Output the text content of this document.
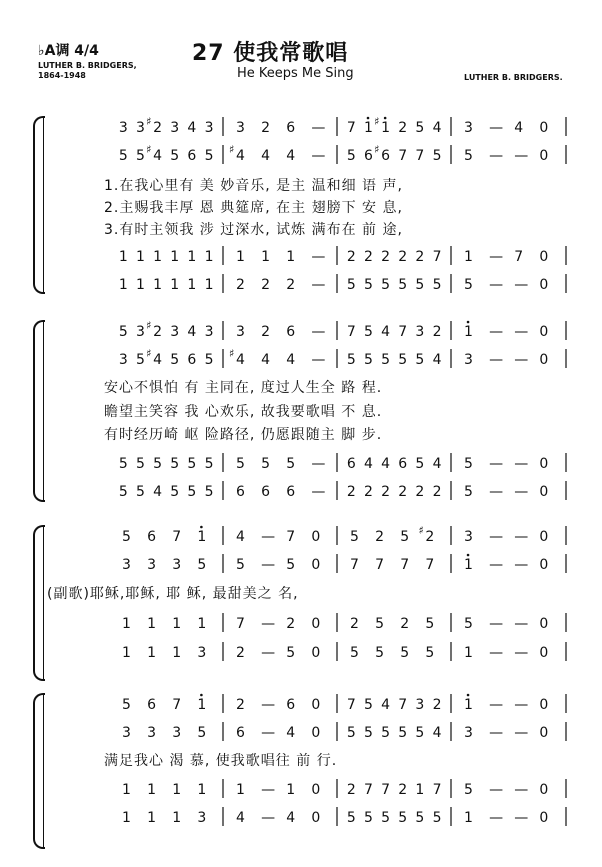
♭A调 4/4
LUTHER B. BRIDGERS,
1864-1948
27 使我常歌唱
He Keeps Me Sing	LUTHER B. BRIDGERS.
3 3 ♯ 2 3 4 3 3 2 6 — 7 1 ♯ 1 2 5 4 3 — 4 0
5 5 ♯ 4 5 6 5 ♯ 4 4 4 — 5 6 ♯ 6 7 7 5 5 — — 0
1.在我心里有 美 妙音乐, 是主 温和细 语 声,
2.主赐我丰厚 恩 典筵席, 在主 翅膀下 安 息,
3.有时主领我 涉 过深水, 试炼 满布在 前 途,
1 1 1 1 1 1 1 1 1 — 2 2 2 2 2 7 1 — 7 0
1 1 1 1 1 1 2 2 2 — 5 5 5 5 5 5 5 — — 0
5 3 ♯ 2 3 4 3 3 2 6 — 7 5 4 7 3 2 1 — — 0
3 5 ♯ 4 5 6 5 ♯ 4 4 4 — 5 5 5 5 5 4 3 — — 0
安心不惧怕 有 主同在, 度过人生全 路 程.
瞻望主笑容 我 心欢乐, 故我要歌唱 不 息.
有时经历崎 岖 险路径, 仍愿跟随主 脚 步.
5 5 5 5 5 5 5 5 5 — 6 4 4 6 5 4 5 — — 0
5 5 4 5 5 5 6 6 6 — 2 2 2 2 2 2 5 — — 0
5 6 7 1 4 — 7 0 5 2 5 ♯ 2 3 — — 0
3 3 3 5 5 — 5 0 7 7 7 7 1 — — 0
(副歌)耶稣,耶稣, 耶 稣, 最甜美之 名,
1 1 1 1 7 — 2 0 2 5 2 5 5 — — 0
1 1 1 3 2 — 5 0 5 5 5 5 1 — — 0
5 6 7 1 2 — 6 0 7 5 4 7 3 2 1 — — 0
3 3 3 5 6 — 4 0 5 5 5 5 5 4 3 — — 0
满足我心 渴 慕, 使我歌唱往 前 行.
1 1 1 1 1 — 1 0 2 7 7 2 1 7 5 — — 0
1 1 1 3 4 — 4 0 5 5 5 5 5 5 1 — — 0
